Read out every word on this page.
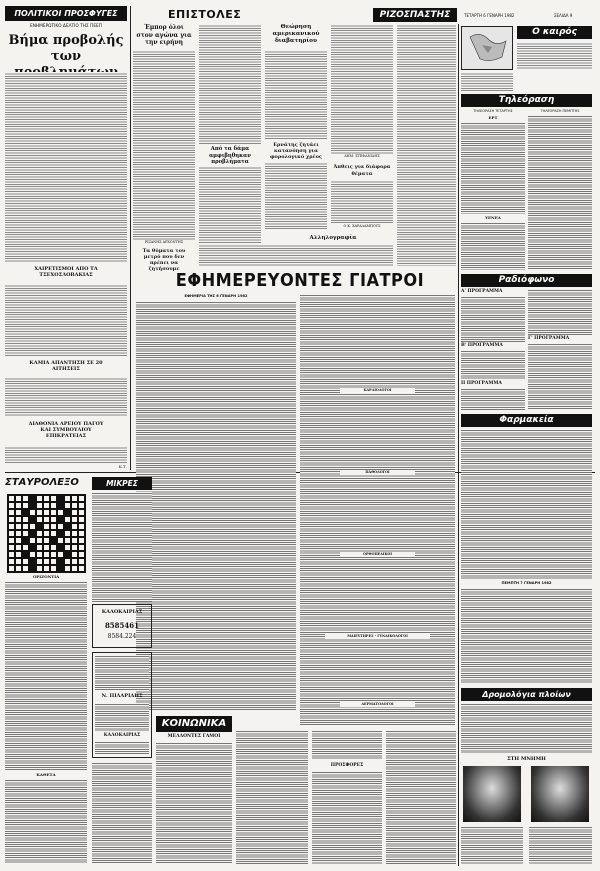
ΕΠΙΣΤΟΛΕΣ	ΡΙΖΟΣΠΑΣΤΗΣ	ΤΕΤΑΡΤΗ 6 ΓΕΝΑΡΗ 1982	ΣΕΛΙΔΑ 9
ΠΟΛΙΤΙΚΟΙ ΠΡΟΣΦΥΓΕΣ
ΕΝΗΜΕΡΩΤΙΚΟ ΔΕΛΤΙΟ ΤΗΣ ΠΕΕΠ
Βήμα προβολής των
ΧΑΙΡΕΤΙΣΜΟΙ ΑΠΟ ΤΑ ΤΣΕΧΟΣΛΟΒΑΚΙΑΣ
ΚΑΜΙΑ ΑΠΑΝΤΗΣΗ ΣΕ 20 ΑΙΤΗΣΕΙΣ
ΔΙΑΘΟΝΙΑ ΑΡΕΙΟΥ ΠΑΓΟΥ ΚΑΙ ΣΥΜΒΟΥΛΙΟΥ ΕΠΙΚΡΑΤΕΙΑΣ
Κ.Τ.
Έμπορ όλοι στον αγώνα για την ειρήνη
ΡΙΖΑΝΗΣ ΑΡΧΟΝΤΗΣ
Τα θύματα του μετρό που δεν πρέπει να ζητήσουμε
Από τα δάμα αμφιβηθηκαν προβλήματα
Θεώρηση αμερικανικού διαβατηρίου
Ερνάτης ζητάει κατανόηση για φορολογικό χρέος
Αλληλογραφία
ΔΗΜ. ΣΤΕΦΑΝΙΔΗΣ
Άπθεις για διάφορα θέματα
Ο Κ. ΧΑΡΑΛΑΜΠΟΥΣ
Ο καιρός
Τηλεόραση
ΤΗΛΕΟΡΑΣΗ ΤΕΤΑΡΤΗΣ	ΤΗΛΕΟΡΑΣΗ ΠΕΜΠΤΗΣ
ΕΡΤ
ΥΕΝΕΔ
Ραδιόφωνο
Α' ΠΡΟΓΡΑΜΜΑ
Β' ΠΡΟΓΡΑΜΜΑ
ΙΙ ΠΡΟΓΡΑΜΜΑ
Γ' ΠΡΟΓΡΑΜΜΑ
Φαρμακεία
ΠΕΜΠΤΗ 7 ΓΕΝΑΡΗ 1982
ΕΦΗΜΕΡΕΥΟΝΤΕΣ ΓΙΑΤΡΟΙ
ΕΦΗΜΕΡΙΑ ΤΗΣ 6 ΓΕΝΑΡΗ 1982
ΚΑΡΔΙΟΛΟΓΟΙ
ΠΑΘΟΛΟΓΟΙ
ΟΡΘΟΠΕΔΙΚΟΙ
ΜΑΙΕΥΤΗΡΕΣ - ΓΥΝΑΙΚΟΛΟΓΟΙ
ΔΕΡΜΑΤΟΛΟΓΟΙ
ΣΤΑΥΡΟΛΕΞΟ
ΟΡΙΖΟΝΤΙΑ
ΚΑΘΕΤΑ
ΜΙΚΡΕΣ
ΚΑΛΟΚΑΙΡΙΑΣ
8585461
8584.224
Ν. ΠΙΛΑΡΙΔΗΣ
ΚΑΛΟΚΑΙΡΙΑΣ
ΚΟΙΝΩΝΙΚΑ
ΜΕΛΛΟΝΤΕΣ ΓΑΜΟΙ
ΠΡΟΣΦΟΡΕΣ
Δρομολόγια πλοίων
ΣΤΗ ΜΝΗΜΗ
